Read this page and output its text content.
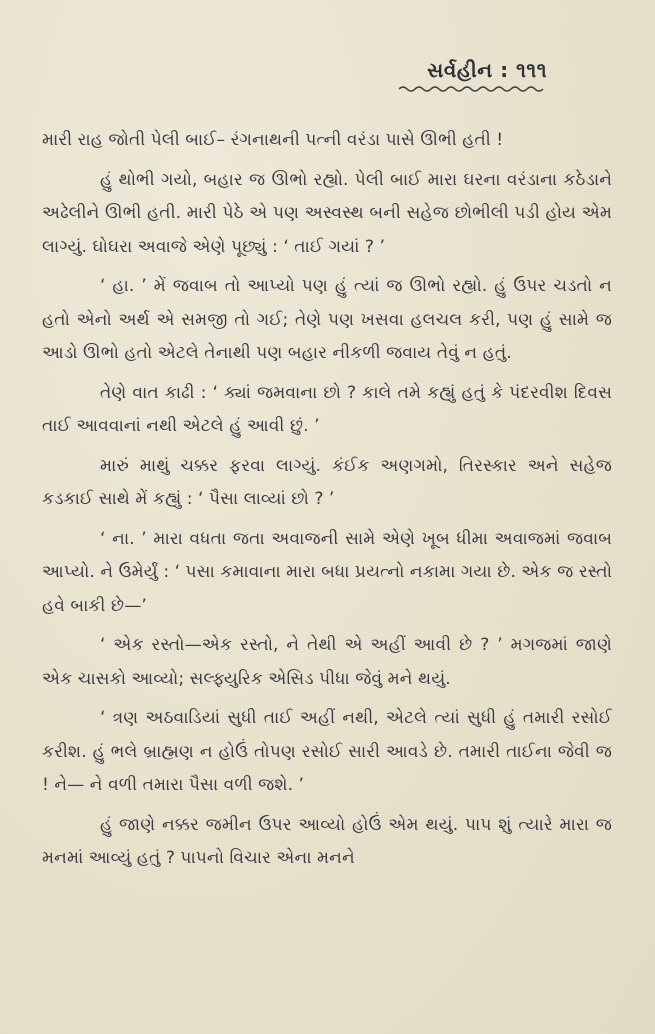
સર્વહીન : ૧૧૧

મારી રાહ જોતી પેલી બાઈ– રંગનાથની પત્ની વરંડા પાસે ઊભી હતી !

હું થોભી ગયો, બહાર જ ઊભો રહ્યો. પેલી બાઈ મારા ઘરના વરંડાના કઠેડાને અઢેલીને ઊભી હતી. મારી પેઠે એ પણ અસ્વસ્થ બની સહેજ છોભીલી પડી હોય એમ લાગ્યું. ઘોઘરા અવાજે એણે પૂછ્યું : ‘ તાઈ ગયાં ? ’

‘ હા. ’ મેં જવાબ તો આપ્યો પણ હું ત્યાં જ ઊભો રહ્યો. હું ઉપર ચડતો ન હતો એનો અર્થ એ સમજી તો ગઈ; તેણે પણ ખસવા હલચલ કરી, પણ હું સામે જ આડો ઊભો હતો એટલે તેનાથી પણ બહાર નીકળી જવાય તેવું ન હતું.

તેણે વાત કાઢી : ‘ ક્યાં જમવાના છો ? કાલે તમે કહ્યું હતું કે પંદરવીશ દિવસ તાઈ આવવાનાં નથી એટલે હું આવી છું. ’

મારું માથું ચક્કર ફરવા લાગ્યું. કંઈક અણગમો, તિરસ્કાર અને સહેજ કડકાઈ સાથે મેં કહ્યું : ‘ પૈસા લાવ્યાં છો ? ’

‘ ના. ’ મારા વધતા જતા અવાજની સામે એણે ખૂબ ધીમા અવાજમાં જવાબ આપ્યો. ને ઉમેર્યું : ‘ પસા કમાવાના મારા બધા પ્રયત્નો નકામા ગયા છે. એક જ રસ્તો હવે બાકી છે—’

‘ એક રસ્તો—એક રસ્તો, ને તેથી એ અહીં આવી છે ? ’ મગજમાં જાણે એક ચાસકો આવ્યો; સલ્ફ્યુરિક એસિડ પીધા જેવું મને થયું.

‘ ત્રણ અઠવાડિયાં સુધી તાઈ અહીં નથી, એટલે ત્યાં સુધી હું તમારી રસોઈ કરીશ. હું ભલે બ્રાહ્મણ ન હોઉં તોપણ રસોઈ સારી આવડે છે. તમારી તાઈના જેવી જ ! ને— ને વળી તમારા પૈસા વળી જશે. ’

હું જાણે નક્કર જમીન ઉપર આવ્યો હોઉં એમ થયું. પાપ શું ત્યારે મારા જ મનમાં આવ્યું હતું ? પાપનો વિચાર એના મનને
